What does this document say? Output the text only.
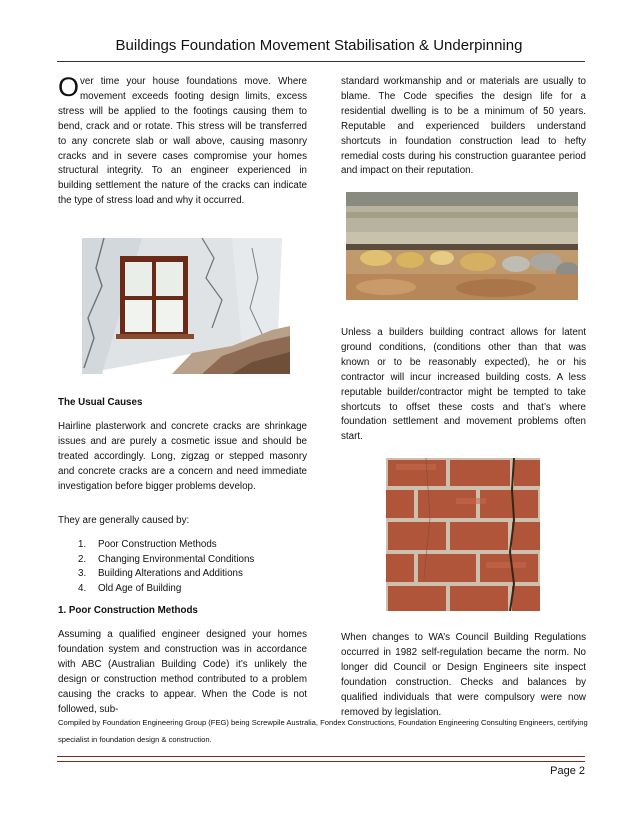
Buildings Foundation Movement Stabilisation & Underpinning
O ver time your house foundations move. Where movement exceeds footing design limits, excess stress will be applied to the footings causing them to bend, crack and or rotate. This stress will be transferred to any concrete slab or wall above, causing masonry cracks and in severe cases compromise your homes structural integrity. To an engineer experienced in building settlement the nature of the cracks can indicate the type of stress load and why it occurred.
The Usual Causes
Hairline plasterwork and concrete cracks are shrinkage issues and are purely a cosmetic issue and should be treated accordingly. Long, zigzag or stepped masonry and concrete cracks are a concern and need immediate investigation before bigger problems develop.
They are generally caused by:
1. Poor Construction Methods
2. Changing Environmental Conditions
3. Building Alterations and Additions
4. Old Age of Building
1. Poor Construction Methods
Assuming a qualified engineer designed your homes foundation system and construction was in accordance with ABC (Australian Building Code) it’s unlikely the design or construction method contributed to a problem causing the cracks to appear. When the Code is not followed, sub-
standard workmanship and or materials are usually to blame. The Code specifies the design life for a residential dwelling is to be a minimum of 50 years. Reputable and experienced builders understand shortcuts in foundation construction lead to hefty remedial costs during his construction guarantee period and impact on their reputation.
Unless a builders building contract allows for latent ground conditions, (conditions other than that was known or to be reasonably expected), he or his contractor will incur increased building costs. A less reputable builder/contractor might be tempted to take shortcuts to offset these costs and that’s where foundation settlement and movement problems often start.
When changes to WA’s Council Building Regulations occurred in 1982 self-regulation became the norm. No longer did Council or Design Engineers site inspect foundation construction. Checks and balances by qualified individuals that were compulsory were now removed by legislation.
Compiled by Foundation Engineering Group (FEG) being Screwpile Australia, Fondex Constructions, Foundation Engineering Consulting Engineers, certifying specialist in foundation design & construction.
Page 2
